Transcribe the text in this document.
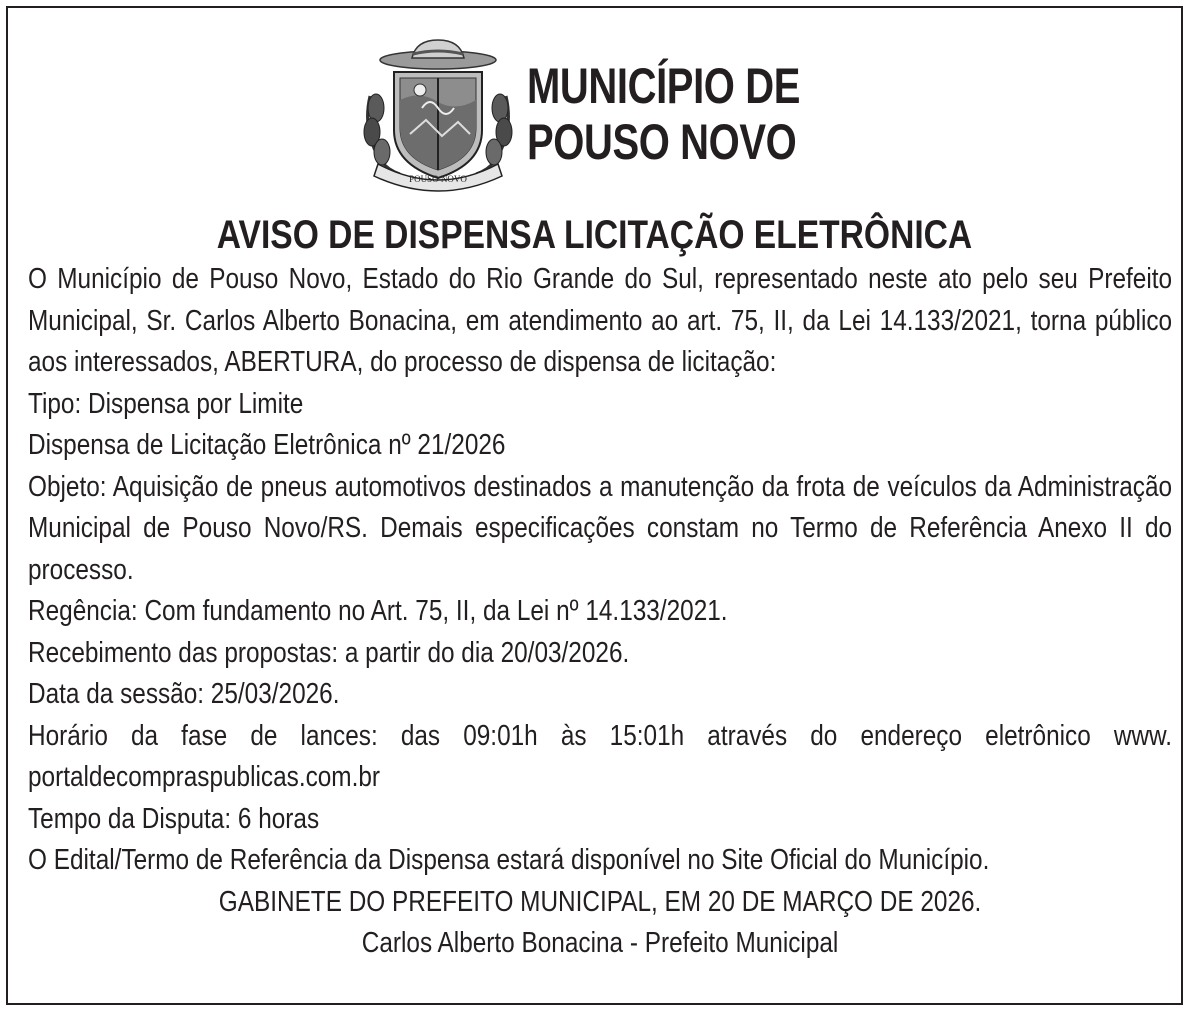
POUSO NOVO
MUNICÍPIO DE
POUSO NOVO
AVISO DE DISPENSA LICITAÇÃO ELETRÔNICA

O Município de Pouso Novo, Estado do Rio Grande do Sul, representado neste ato pelo seu Prefeito Municipal, Sr. Carlos Alberto Bonacina, em atendimento ao art. 75, II, da Lei 14.133/2021, torna público aos interessados, ABERTURA, do processo de dispensa de licitação:

Tipo: Dispensa por Limite

Dispensa de Licitação Eletrônica nº 21/2026

Objeto: Aquisição de pneus automotivos destinados a manutenção da frota de veículos da Administração Municipal de Pouso Novo/RS. Demais especificações constam no Termo de Referência Anexo II do processo.

Regência: Com fundamento no Art. 75, II, da Lei nº 14.133/2021.

Recebimento das propostas: a partir do dia 20/03/2026.

Data da sessão: 25/03/2026.

Horário da fase de lances: das 09:01h às 15:01h através do endereço eletrônico www. portaldecompraspublicas.com.br

Tempo da Disputa: 6 horas

O Edital/Termo de Referência da Dispensa estará disponível no Site Oficial do Município.

GABINETE DO PREFEITO MUNICIPAL, EM 20 DE MARÇO DE 2026.

Carlos Alberto Bonacina - Prefeito Municipal
